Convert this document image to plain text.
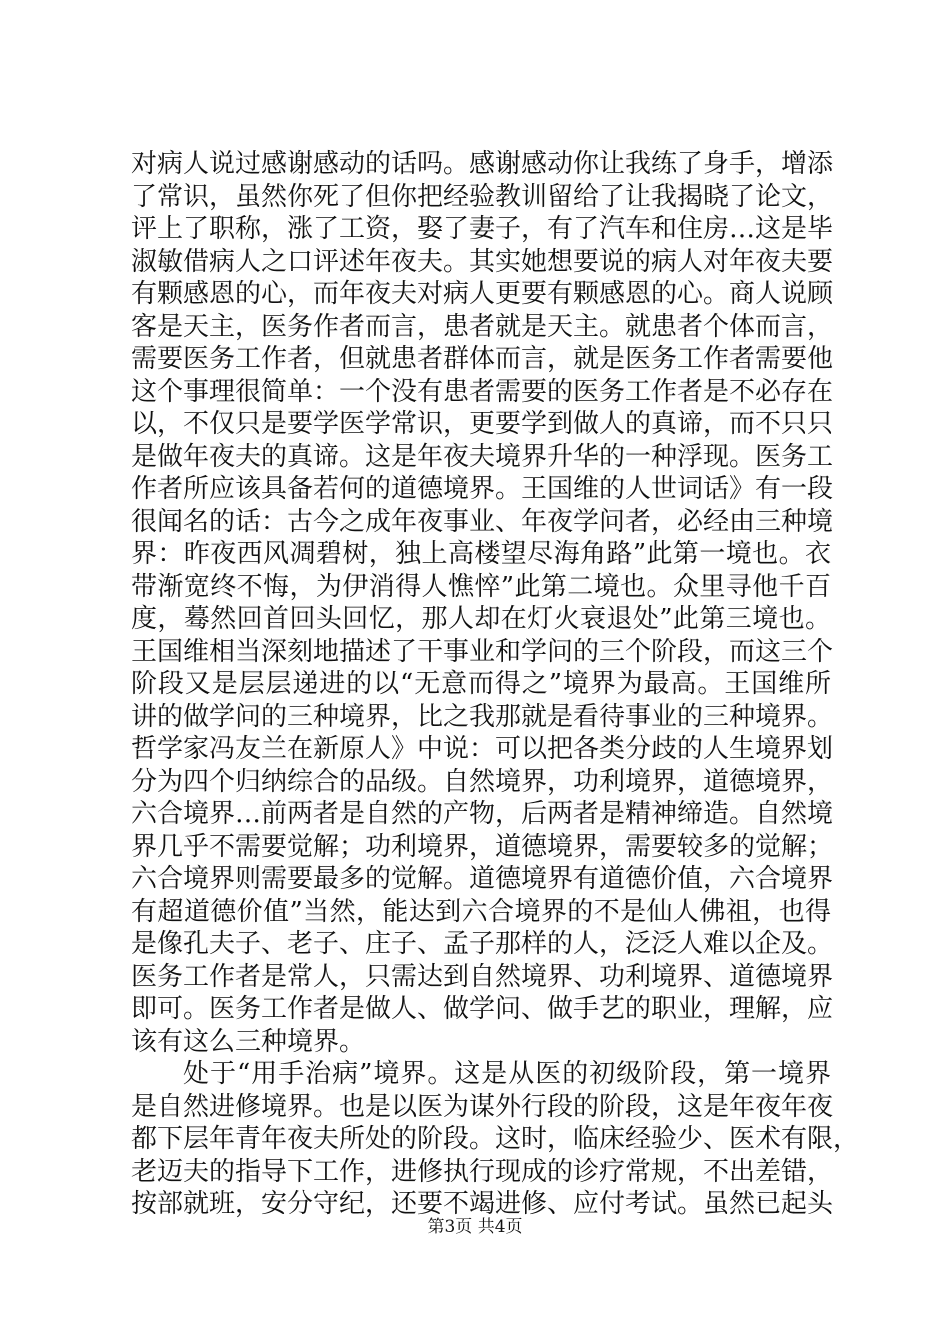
对病人说过感谢感动的话吗。感谢感动你让我练了身手，增添
了常识，虽然你死了但你把经验教训留给了让我揭晓了论文，
评上了职称，涨了工资，娶了妻子，有了汽车和住房…这是毕
淑敏借病人之口评述年夜夫。其实她想要说的病人对年夜夫要
有颗感恩的心，而年夜夫对病人更要有颗感恩的心。商人说顾
客是天主，医务作者而言，患者就是天主。就患者个体而言，
需要医务工作者，但就患者群体而言，就是医务工作者需要他
这个事理很简单：一个没有患者需要的医务工作者是不必存在
以，不仅只是要学医学常识，更要学到做人的真谛，而不只只
是做年夜夫的真谛。这是年夜夫境界升华的一种浮现。医务工
作者所应该具备若何的道德境界。王国维的人世词话》有一段
很闻名的话：古今之成年夜事业、年夜学问者，必经由三种境
界：昨夜西风凋碧树，独上高楼望尽海角路”此第一境也。衣
带渐宽终不悔，为伊消得人憔悴”此第二境也。众里寻他千百
度，蓦然回首回头回忆，那人却在灯火衰退处”此第三境也。
王国维相当深刻地描述了干事业和学问的三个阶段，而这三个
阶段又是层层递进的以“无意而得之”境界为最高。王国维所
讲的做学问的三种境界，比之我那就是看待事业的三种境界。
哲学家冯友兰在新原人》中说：可以把各类分歧的人生境界划
分为四个归纳综合的品级。自然境界，功利境界，道德境界，
六合境界…前两者是自然的产物，后两者是精神缔造。自然境
界几乎不需要觉解；功利境界，道德境界，需要较多的觉解；
六合境界则需要最多的觉解。道德境界有道德价值，六合境界
有超道德价值”当然，能达到六合境界的不是仙人佛祖，也得
是像孔夫子、老子、庄子、孟子那样的人，泛泛人难以企及。
医务工作者是常人，只需达到自然境界、功利境界、道德境界
即可。医务工作者是做人、做学问、做手艺的职业，理解，应
该有这么三种境界。
处于“用手治病”境界。这是从医的初级阶段，第一境界
是自然进修境界。也是以医为谋外行段的阶段，这是年夜年夜
都下层年青年夜夫所处的阶段。这时，临床经验少、医术有限，
老迈夫的指导下工作，进修执行现成的诊疗常规，不出差错，
按部就班，安分守纪，还要不竭进修、应付考试。虽然已起头
第3页 共4页
